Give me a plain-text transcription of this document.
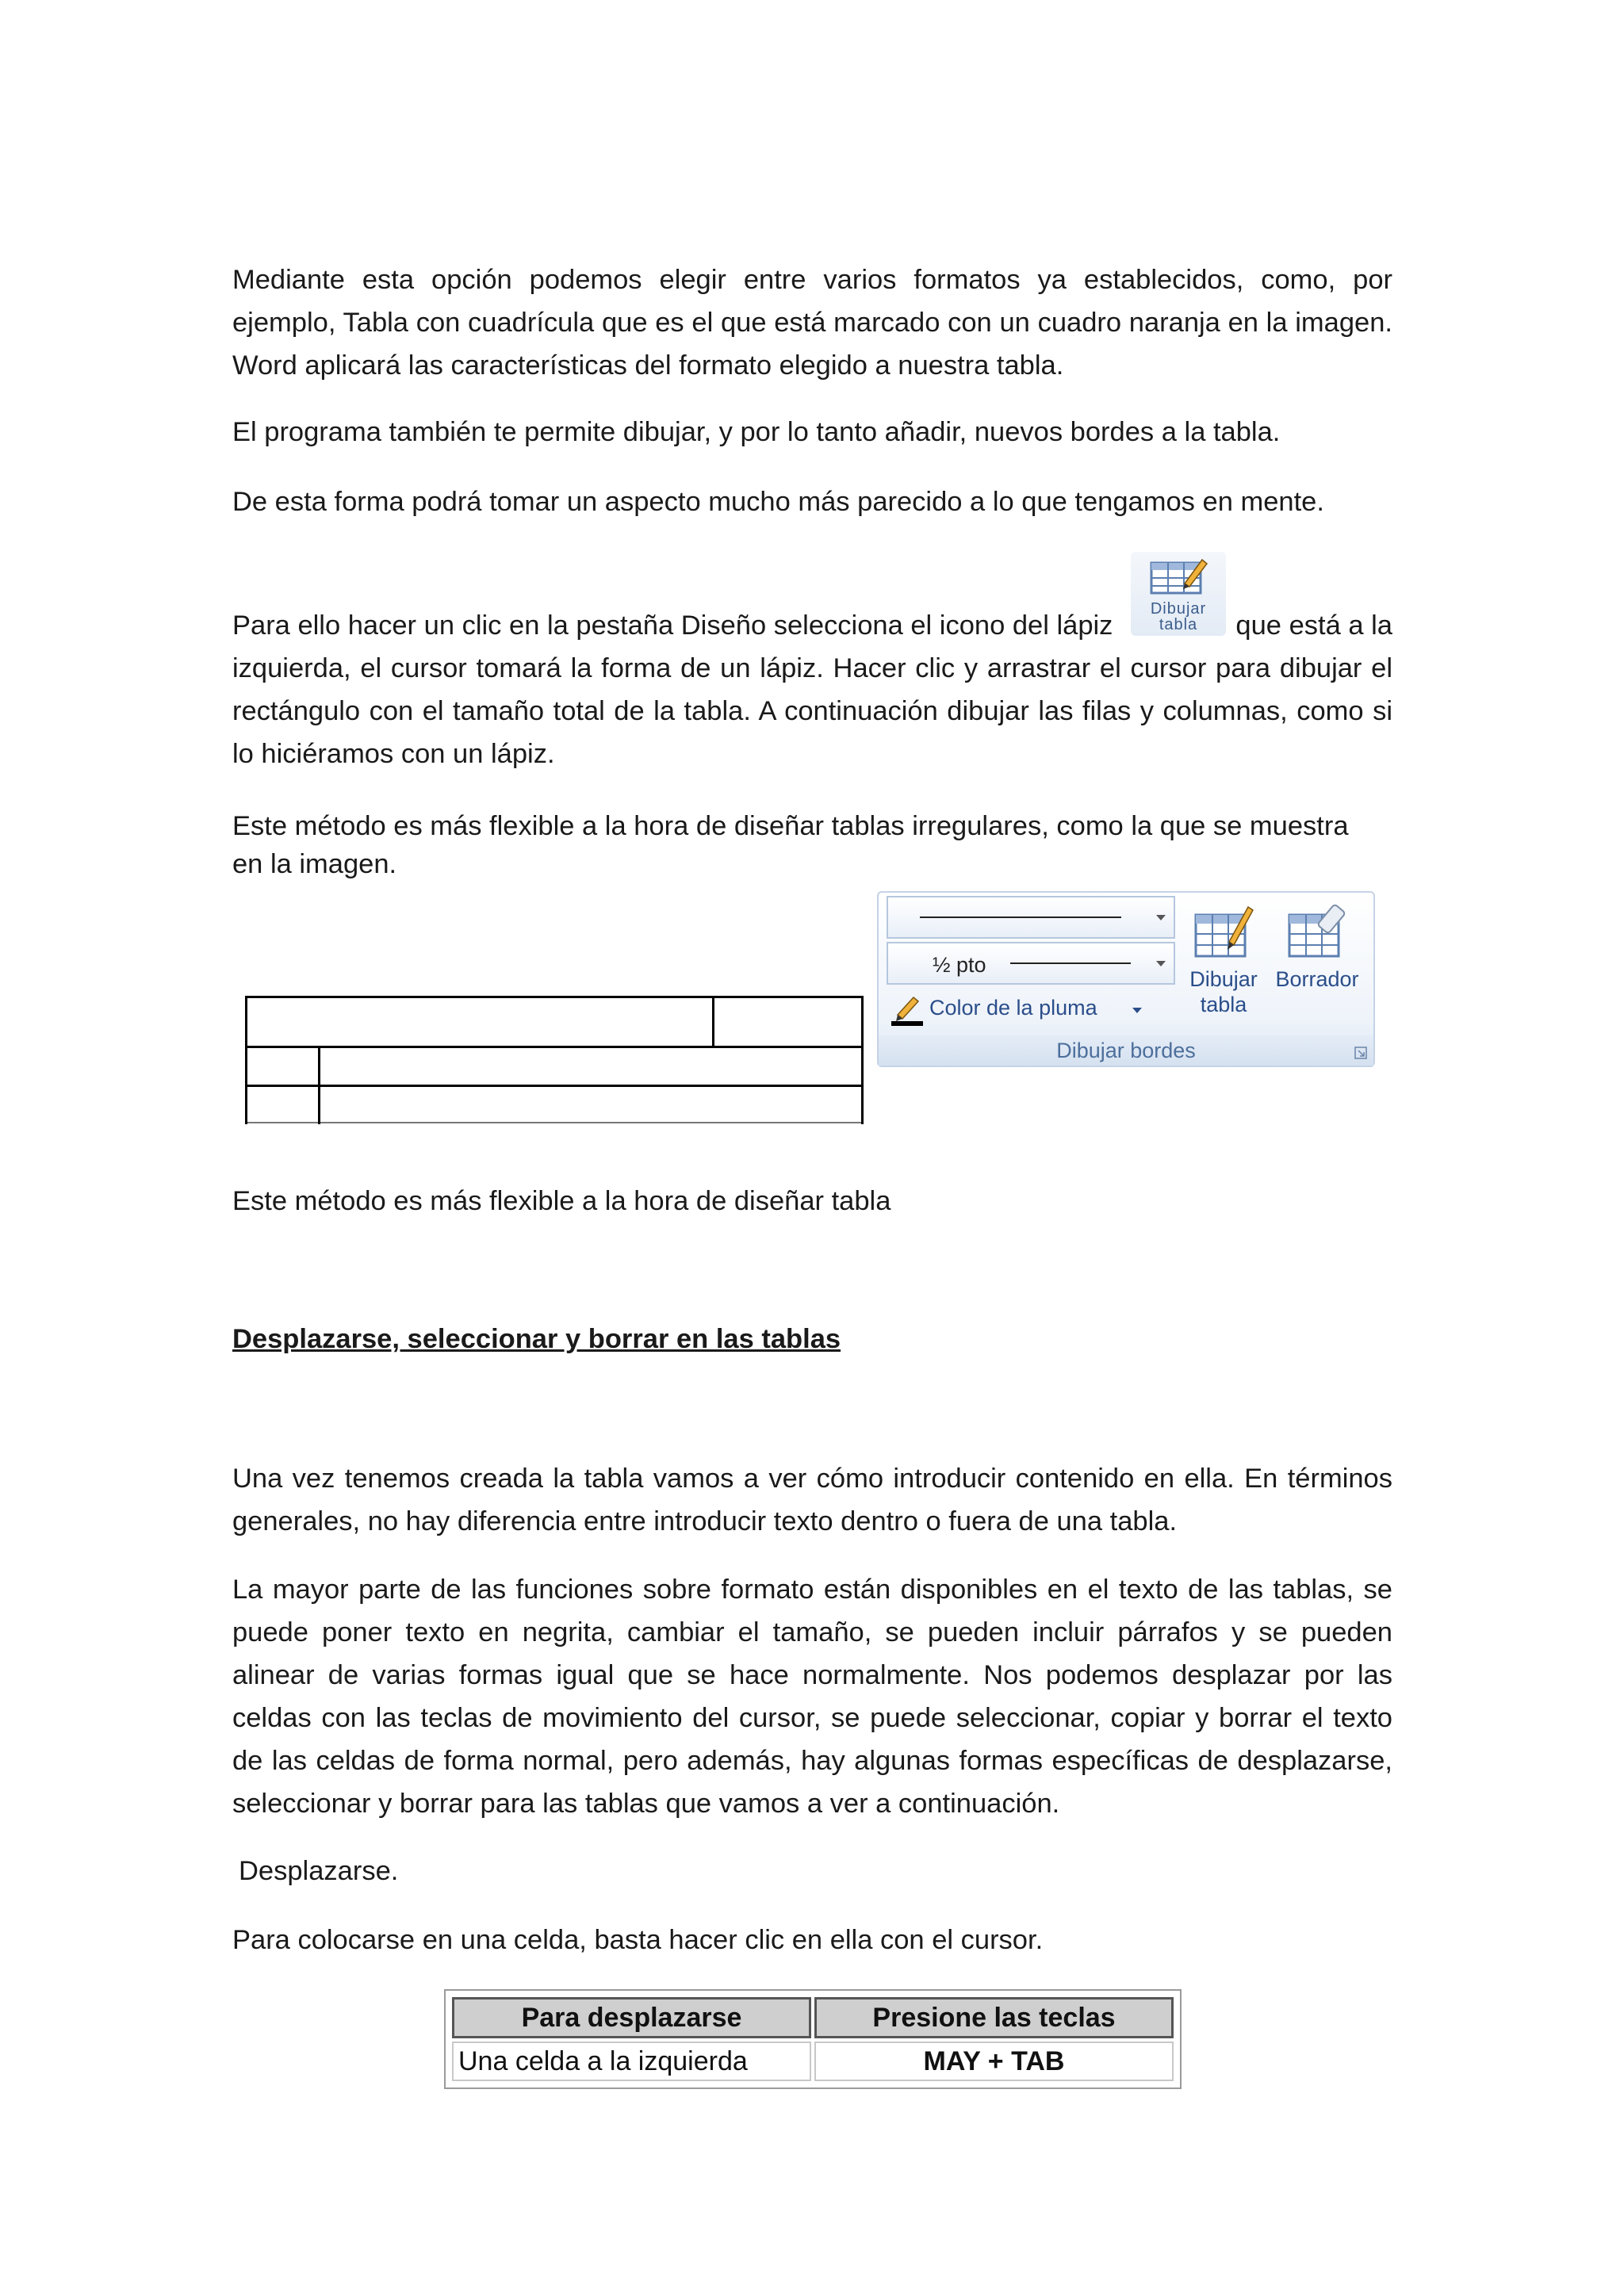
Mediante esta opción podemos elegir entre varios formatos ya establecidos, como, por ejemplo, Tabla con cuadrícula que es el que está marcado con un cuadro naranja en la imagen. Word aplicará las características del formato elegido a nuestra tabla.

El programa también te permite dibujar, y por lo tanto añadir, nuevos bordes a la tabla.

De esta forma podrá tomar un aspecto mucho más parecido a lo que tengamos en mente.

Para ello hacer un clic en la pestaña Diseño selecciona el icono del lápiz	que está a la
Dibujar
tabla

izquierda, el cursor tomará la forma de un lápiz. Hacer clic y arrastrar el cursor para dibujar el rectángulo con el tamaño total de la tabla. A continuación dibujar las filas y columnas, como si lo hiciéramos con un lápiz.

Este método es más flexible a la hora de diseñar tablas irregulares, como la que se muestra en la imagen.

½ pto
Color de la pluma
Dibujar
tabla
Borrador
Dibujar bordes

Este método es más flexible a la hora de diseñar tabla

Desplazarse, seleccionar y borrar en las tablas

Una vez tenemos creada la tabla vamos a ver cómo introducir contenido en ella. En términos generales, no hay diferencia entre introducir texto dentro o fuera de una tabla.

La mayor parte de las funciones sobre formato están disponibles en el texto de las tablas, se puede poner texto en negrita, cambiar el tamaño, se pueden incluir párrafos y se pueden alinear de varias formas igual que se hace normalmente. Nos podemos desplazar por las celdas con las teclas de movimiento del cursor, se puede seleccionar, copiar y borrar el texto de las celdas de forma normal, pero además, hay algunas formas específicas de desplazarse, seleccionar y borrar para las tablas que vamos a ver a continuación.

Desplazarse.

Para colocarse en una celda, basta hacer clic en ella con el cursor.

Para desplazarse	Presione las teclas
Una celda a la izquierda	MAY + TAB
